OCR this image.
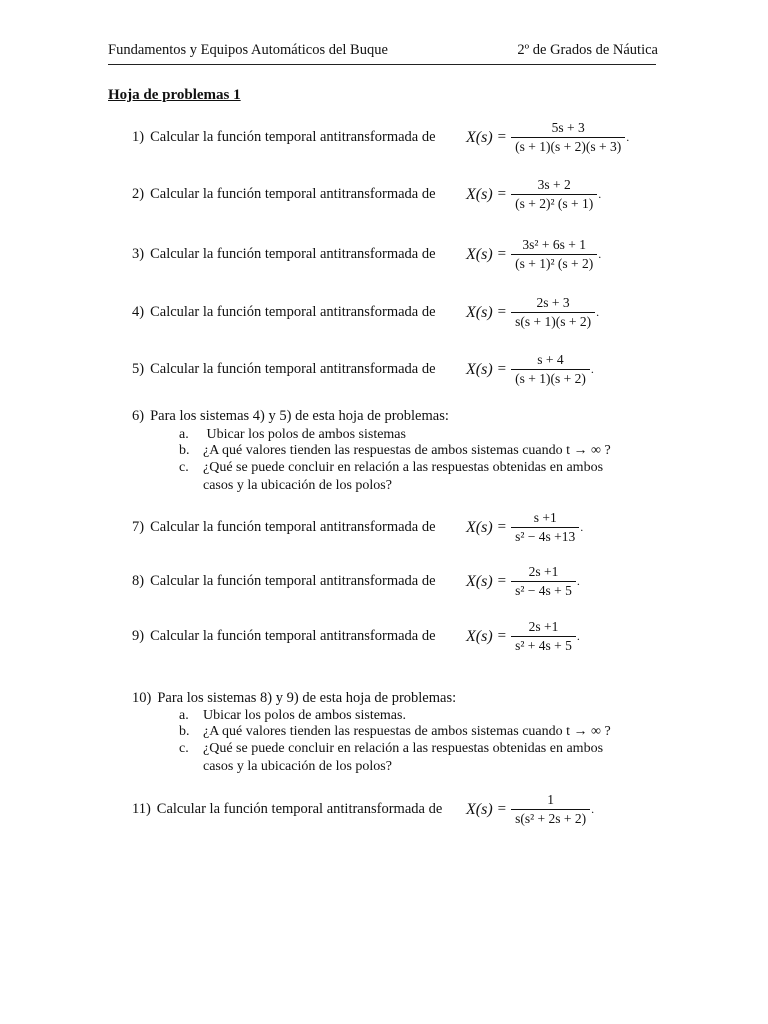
Fundamentos y Equipos Automáticos del Buque	2º de Grados de Náutica
Hoja de problemas 1
1) Calcular la función temporal antitransformada de $X(s) = \frac{5s + 3}{(s + 1)(s + 2)(s + 3)}$ .
2) Calcular la función temporal antitransformada de $X(s) = \frac{3s + 2}{\text{(s + 2)² (s + 1)}}$ .
3) Calcular la función temporal antitransformada de $X(s) = \frac{\text{3s² + 6s + 1}}{\text{(s + 1)² (s + 2)}}$ .
4) Calcular la función temporal antitransformada de $X(s) = \frac{2s + 3}{s(s + 1)(s + 2)}$ .
5) Calcular la función temporal antitransformada de $X(s) = \frac{s + 4}{(s + 1)(s + 2)}$ .
6) Para los sistemas 4) y 5) de esta hoja de problemas:
a. Ubicar los polos de ambos sistemas
b. ¿A qué valores tienden las respuestas de ambos sistemas cuando t → ∞ ?
c. ¿Qué se puede concluir en relación a las respuestas obtenidas en ambos
casos y la ubicación de los polos?
7) Calcular la función temporal antitransformada de $X(s) = \frac{s +1}{\text{s² − 4s +13}}$ .
8) Calcular la función temporal antitransformada de $X(s) = \frac{2s +1}{\text{s² − 4s + 5}}$ .
9) Calcular la función temporal antitransformada de $X(s) = \frac{2s +1}{\text{s² + 4s + 5}}$ .
10) Para los sistemas 8) y 9) de esta hoja de problemas:
a. Ubicar los polos de ambos sistemas.
b. ¿A qué valores tienden las respuestas de ambos sistemas cuando t → ∞ ?
c. ¿Qué se puede concluir en relación a las respuestas obtenidas en ambos
casos y la ubicación de los polos?
11) Calcular la función temporal antitransformada de $X(s) = \frac{1}{\text{s(s² + 2s + 2)}}$ .
